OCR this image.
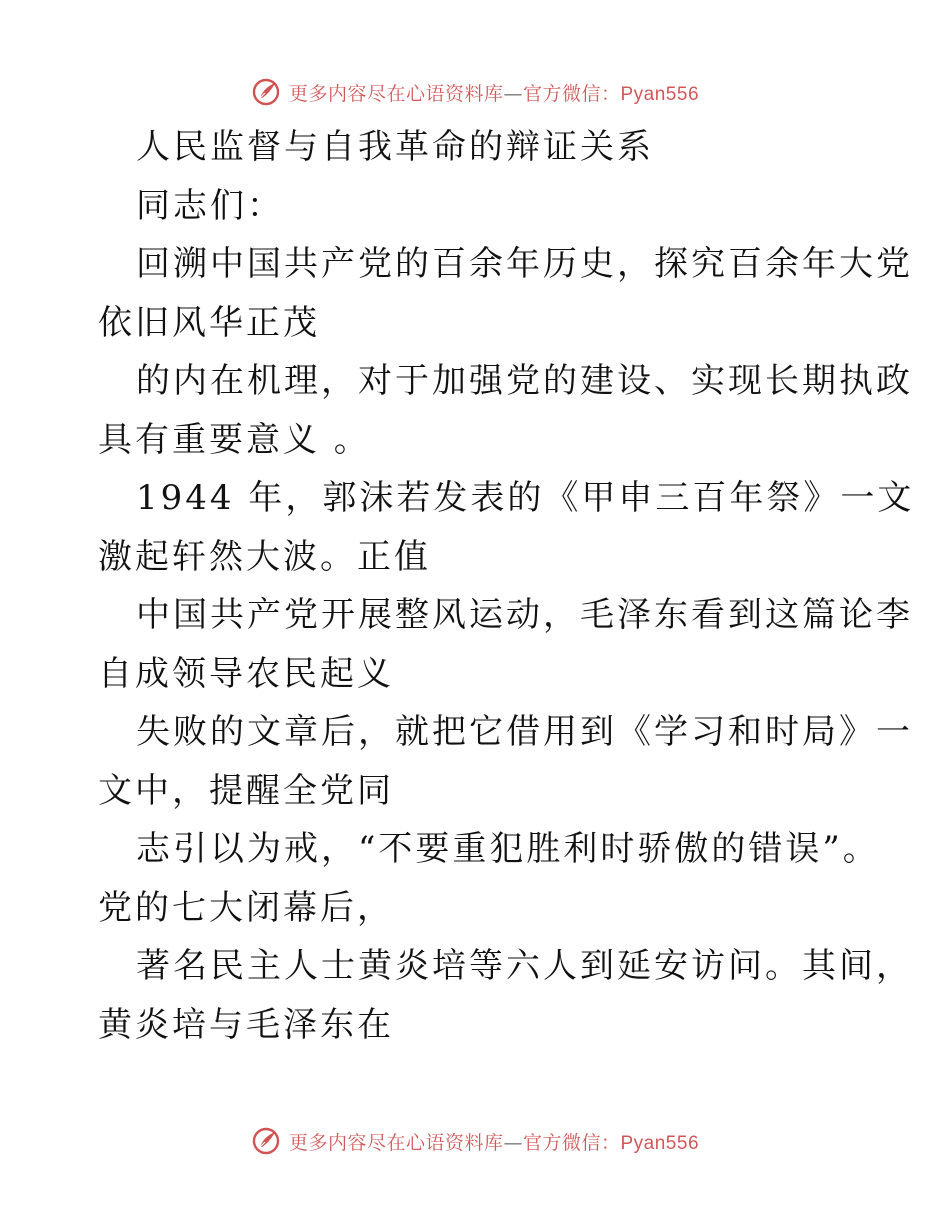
更多内容尽在心语资料库—官方微信：Pyan556
人民监督与自我革命的辩证关系
同志们：
回溯中国共产党的百余年历史，探究百余年大党
依旧风华正茂
的内在机理，对于加强党的建设、实现长期执政
具有重要意义 。
1944 年，郭沫若发表的《甲申三百年祭》一文
激起轩然大波。正值
中国共产党开展整风运动，毛泽东看到这篇论李
自成领导农民起义
失败的文章后，就把它借用到《学习和时局》一
文中，提醒全党同
志引以为戒，“不要重犯胜利时骄傲的错误”。
党的七大闭幕后，
著名民主人士黄炎培等六人到延安访问。其间，
黄炎培与毛泽东在
更多内容尽在心语资料库—官方微信：Pyan556
